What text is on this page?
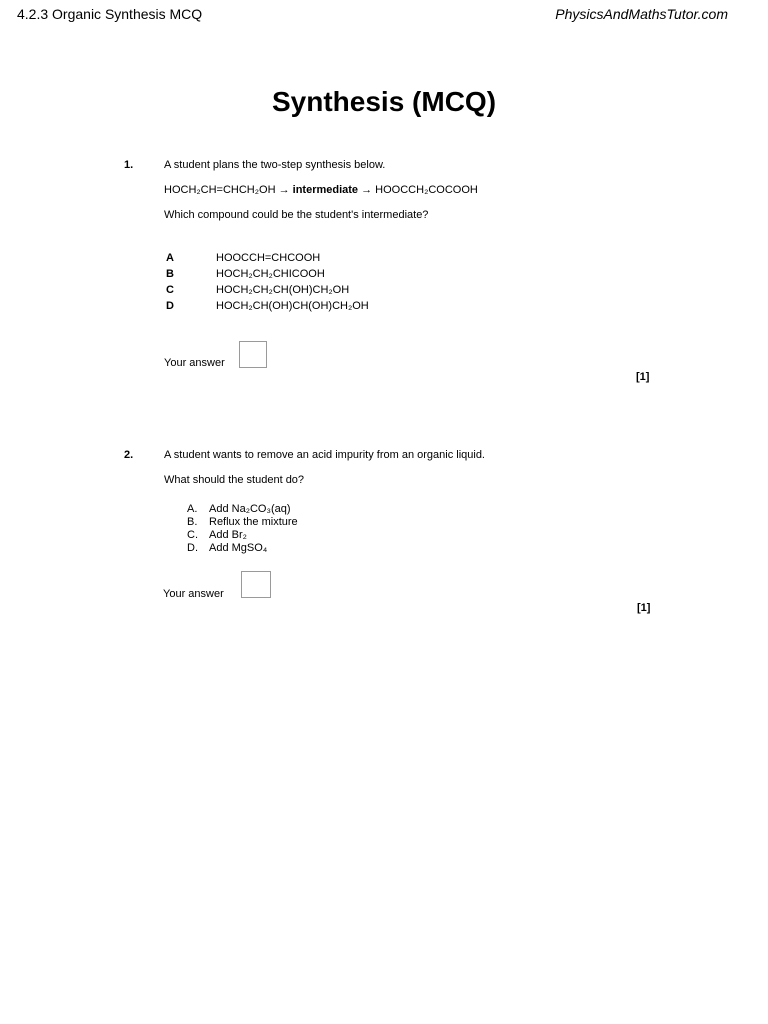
4.2.3 Organic Synthesis MCQ	PhysicsAndMathsTutor.com
Synthesis (MCQ)
1.	A student plans the two-step synthesis below.
HOCH₂CH=CHCH₂OH → intermediate → HOOCCH₂COCOOH
Which compound could be the student's intermediate?
A	HOOCCH=CHCOOH
B	HOCH₂CH₂CHICOOH
C	HOCH₂CH₂CH(OH)CH₂OH
D	HOCH₂CH(OH)CH(OH)CH₂OH
Your answer
[1]
2.	A student wants to remove an acid impurity from an organic liquid.
What should the student do?
A.	Add Na₂CO₃(aq)
B.	Reflux the mixture
C.	Add Br₂
D.	Add MgSO₄
Your answer
[1]
